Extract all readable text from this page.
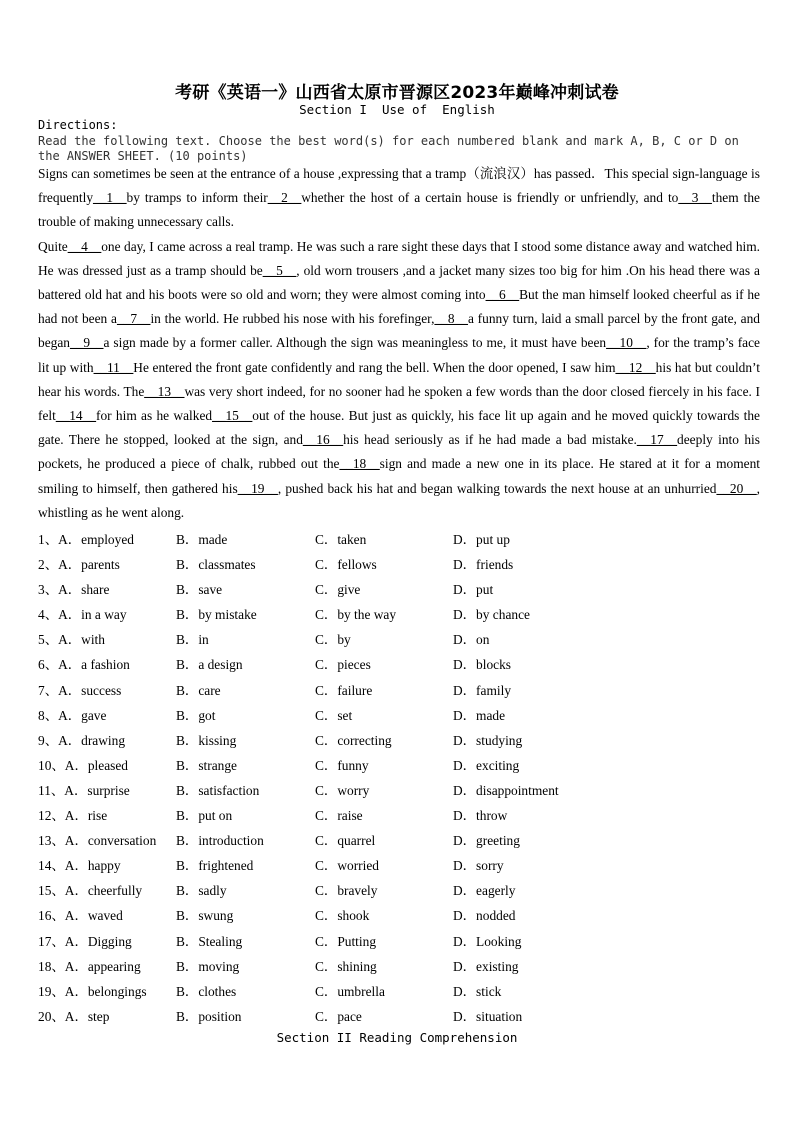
考研《英语一》山西省太原市晋源区2023年巅峰冲刺试卷
Section I  Use of  English
Directions:
Read the following text. Choose the best word(s) for each numbered blank and mark A, B, C or D on the ANSWER SHEET. (10 points)

Signs can sometimes be seen at the entrance of a house ,expressing that a tramp（流浪汉）has passed．This special sign-language is frequently__1__by tramps to inform their__2__whether the host of a certain house is friendly or unfriendly, and to__3__them the trouble of making unnecessary calls.

Quite__4__one day, I came across a real tramp. He was such a rare sight these days that I stood some distance away and watched him. He was dressed just as a tramp should be__5__, old worn trousers ,and a jacket many sizes too big for him .On his head there was a battered old hat and his boots were so old and worn; they were almost coming into__6__But the man himself looked cheerful as if he had not been a__7__in the world. He rubbed his nose with his forefinger,__8__a funny turn, laid a small parcel by the front gate, and began__9__a sign made by a former caller. Although the sign was meaningless to me, it must have been__10__, for the tramp’s face lit up with__11__He entered the front gate confidently and rang the bell. When the door opened, I saw him__12__his hat but couldn’t hear his words. The__13__was very short indeed, for no sooner had he spoken a few words than the door closed fiercely in his face. I felt__14__for him as he walked__15__out of the house. But just as quickly, his face lit up again and he moved quickly towards the gate. There he stopped, looked at the sign, and__16__his head seriously as if he had made a bad mistake.__17__deeply into his pockets, he produced a piece of chalk, rubbed out the__18__sign and made a new one in its place. He stared at it for a moment smiling to himself, then gathered his__19__, pushed back his hat and began walking towards the next house at an unhurried__20__, whistling as he went along.

1、A．employed	B．made	C．taken	D．put up
2、A．parents	B．classmates	C．fellows	D．friends
3、A．share	B．save	C．give	D．put
4、A．in a way	B．by mistake	C．by the way	D．by chance
5、A．with	B．in	C．by	D．on
6、A．a fashion	B．a design	C．pieces	D．blocks
7、A．success	B．care	C．failure	D．family
8、A．gave	B．got	C．set	D．made
9、A．drawing	B．kissing	C．correcting	D．studying
10、A．pleased	B．strange	C．funny	D．exciting
11、A．surprise	B．satisfaction	C．worry	D．disappointment
12、A．rise	B．put on	C．raise	D．throw
13、A．conversation B．introduction	C．quarrel	D．greeting
14、A．happy	B．frightened	C．worried	D．sorry
15、A．cheerfully	B．sadly	C．bravely	D．eagerly
16、A．waved	B．swung	C．shook	D．nodded
17、A．Digging	B．Stealing	C．Putting	D．Looking
18、A．appearing	B．moving	C．shining	D．existing
19、A．belongings B．clothes	C．umbrella	D．stick
20、A．step	B．position	C．pace	D．situation
Section II Reading Comprehension
